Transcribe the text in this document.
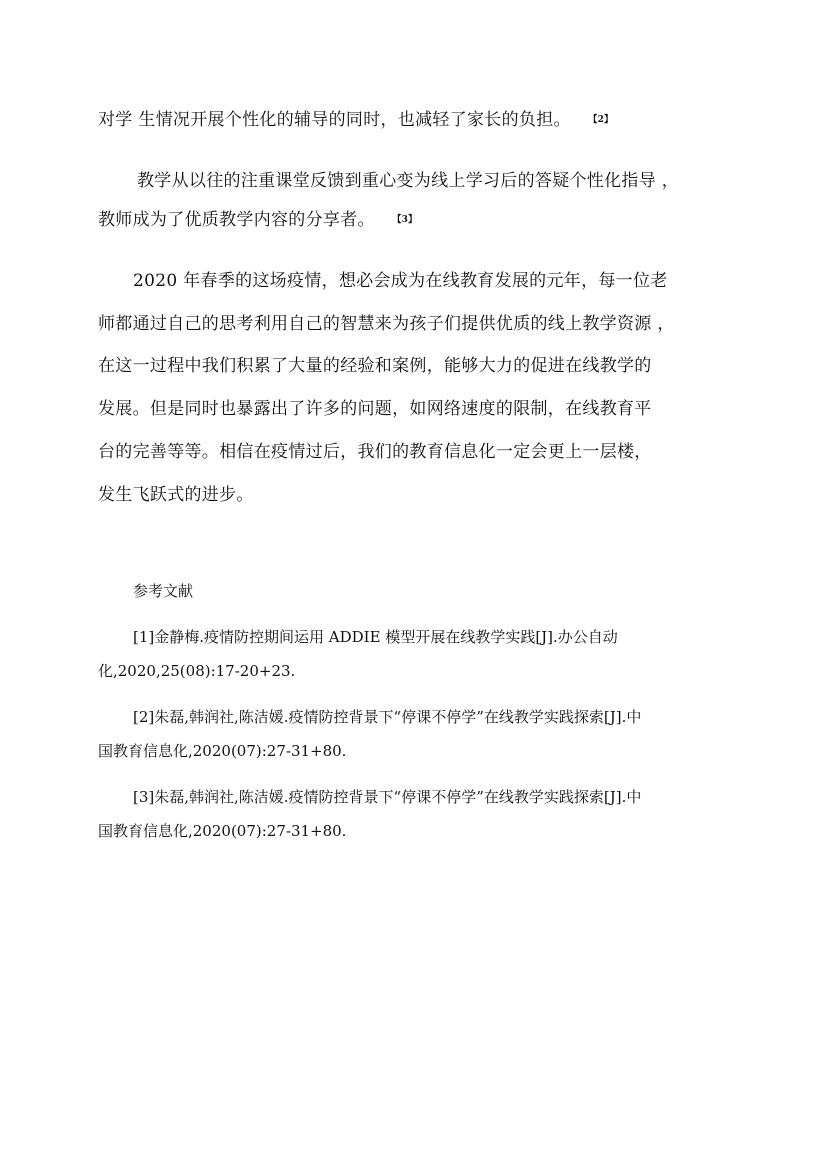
对学 生情况开展个性化的辅导的同时，也减轻了家长的负担。 【2】
教学从以往的注重课堂反馈到重心变为线上学习后的答疑个性化指导 ，
教师成为了优质教学内容的分享者。 【3】
2020 年春季的这场疫情，想必会成为在线教育发展的元年，每一位老
师都通过自己的思考利用自己的智慧来为孩子们提供优质的线上教学资源 ，
在这一过程中我们积累了大量的经验和案例，能够大力的促进在线教学的
发展。但是同时也暴露出了许多的问题，如网络速度的限制，在线教育平
台的完善等等。相信在疫情过后，我们的教育信息化一定会更上一层楼，
发生飞跃式的进步。
参考文献
[1]金静梅.疫情防控期间运用 ADDIE 模型开展在线教学实践[J].办公自动
化,2020,25(08):17-20+23.
[2]朱磊,韩润社,陈洁媛.疫情防控背景下“停课不停学”在线教学实践探索[J].中
国教育信息化,2020(07):27-31+80.
[3]朱磊,韩润社,陈洁媛.疫情防控背景下“停课不停学”在线教学实践探索[J].中
国教育信息化,2020(07):27-31+80.
